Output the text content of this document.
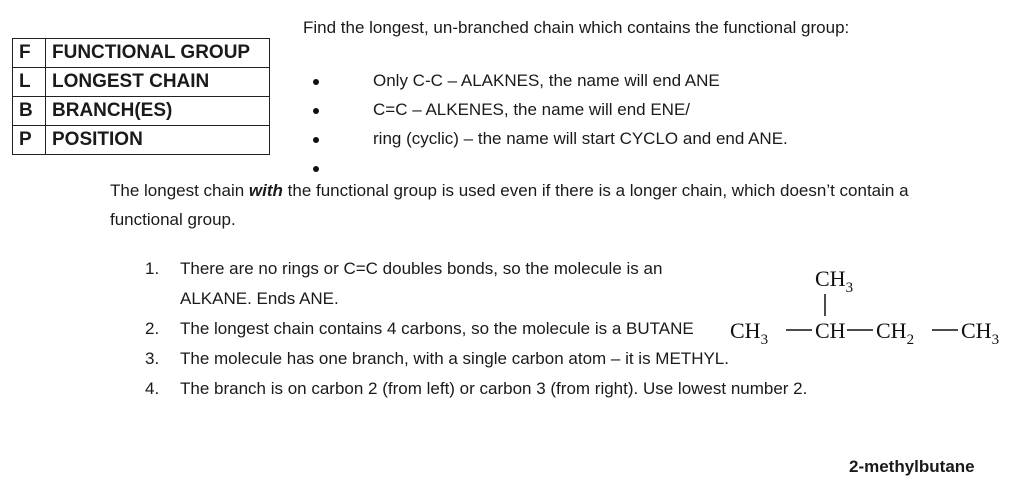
F	FUNCTIONAL GROUP
L	LONGEST CHAIN
B	BRANCH(ES)
P	POSITION
Find the longest, un-branched chain which contains the functional group:
Only C-C – ALAKNES, the name will end ANE
C=C – ALKENES, the name will end ENE/
ring (cyclic) – the name will start CYCLO and end ANE.
The longest chain with the functional group is used even if there is a longer chain, which doesn’t contain a functional group.
1. There are no rings or C=C doubles bonds, so the molecule is an ALKANE. Ends ANE.
2. The longest chain contains 4 carbons, so the molecule is a BUTANE
3. The molecule has one branch, with a single carbon atom – it is METHYL.
4. The branch is on carbon 2 (from left) or carbon 3 (from right). Use lowest number 2.
$CH_3$
$CH_3$ CH $CH_2$ $CH_3$
2-methylbutane
